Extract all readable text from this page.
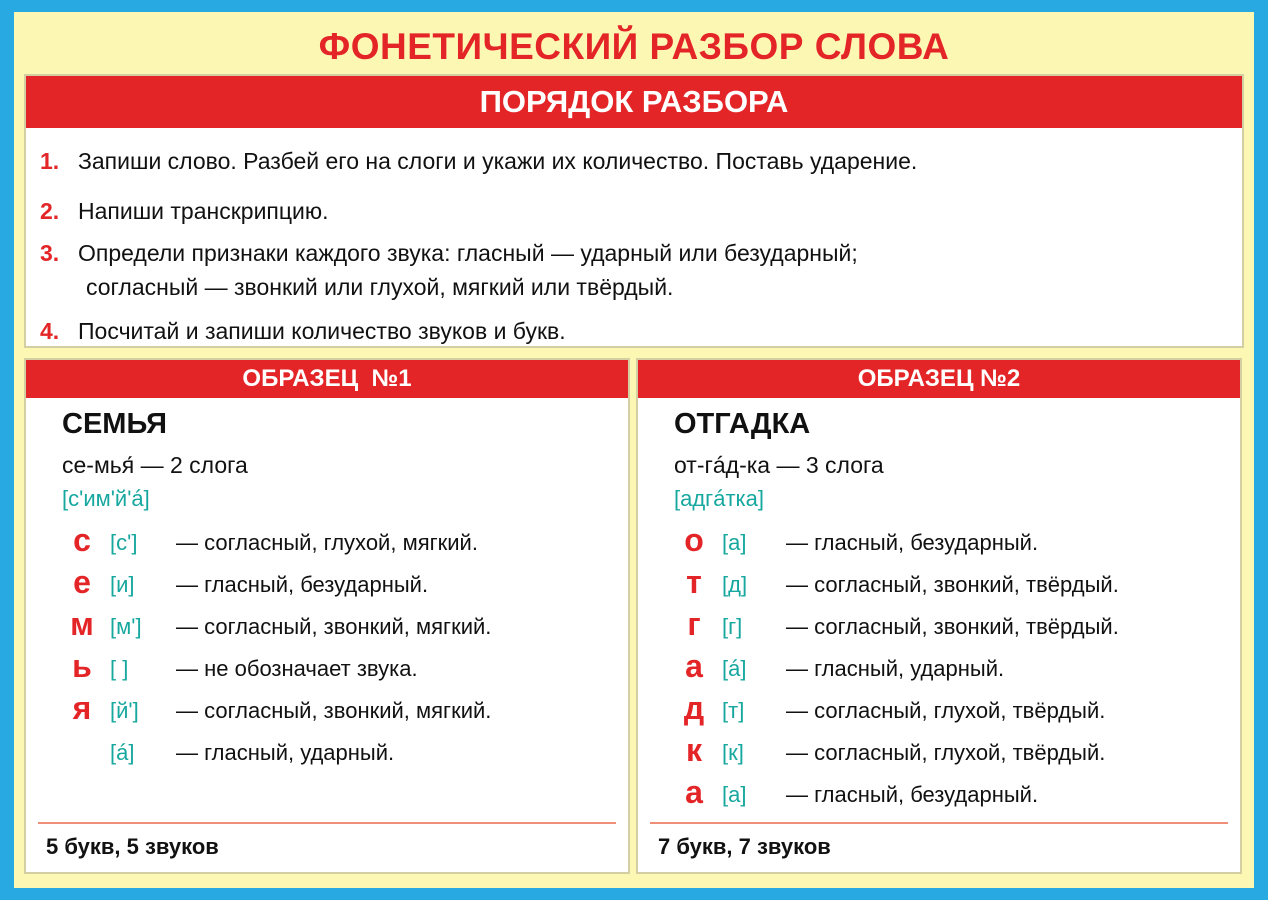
ФОНЕТИЧЕСКИЙ РАЗБОР СЛОВА
ПОРЯДОК РАЗБОРА
1. Запиши слово. Разбей его на слоги и укажи их количество. Поставь ударение.
2. Напиши транскрипцию.
3. Определи признаки каждого звука: гласный — ударный или безударный;
согласный — звонкий или глухой, мягкий или твёрдый.
4. Посчитай и запиши количество звуков и букв.
ОБРАЗЕЦ  №1
СЕМЬЯ
се-мья́ — 2 слога
[с'им'й'á]
с [с'] — согласный, глухой, мягкий.
е [и] — гласный, безударный.
м [м'] — согласный, звонкий, мягкий.
ь [ ] — не обозначает звука.
я [й'] — согласный, звонкий, мягкий.
[á] — гласный, ударный.
5 букв, 5 звуков
ОБРАЗЕЦ №2
ОТГАДКА
от-гáд-ка — 3 слога
[адгáтка]
о [а] — гласный, безударный.
т [д] — согласный, звонкий, твёрдый.
г [г] — согласный, звонкий, твёрдый.
а [á] — гласный, ударный.
д [т] — согласный, глухой, твёрдый.
к [к] — согласный, глухой, твёрдый.
а [а] — гласный, безударный.
7 букв, 7 звуков
